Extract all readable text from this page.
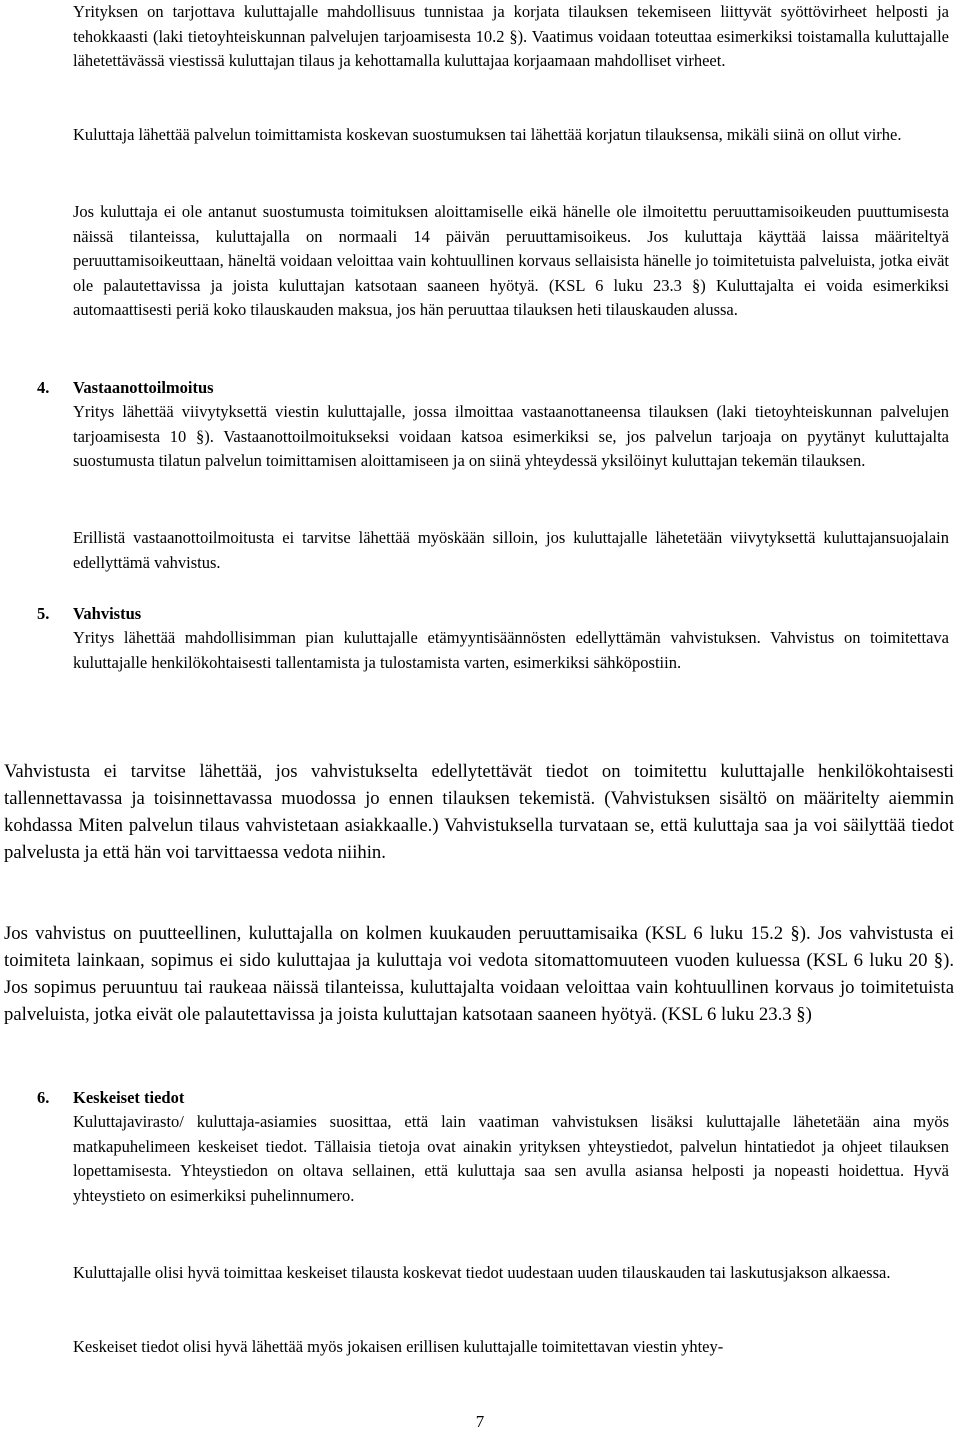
Yrityksen on tarjottava kuluttajalle mahdollisuus tunnistaa ja korjata tilauksen tekemiseen liittyvät syöttövirheet helposti ja tehokkaasti (laki tietoyhteiskunnan palvelujen tarjoamisesta 10.2 §). Vaatimus voidaan toteuttaa esimerkiksi toistamalla kuluttajalle lähetettävässä viestissä kuluttajan tilaus ja kehottamalla kuluttajaa korjaamaan mahdolliset virheet.

Kuluttaja lähettää palvelun toimittamista koskevan suostumuksen tai lähettää korjatun tilauksensa, mikäli siinä on ollut virhe.

Jos kuluttaja ei ole antanut suostumusta toimituksen aloittamiselle eikä hänelle ole ilmoitettu peruuttamisoikeuden puuttumisesta näissä tilanteissa, kuluttajalla on normaali 14 päivän peruuttamisoikeus. Jos kuluttaja käyttää laissa määriteltyä peruuttamisoikeuttaan, häneltä voidaan veloittaa vain kohtuullinen korvaus sellaisista hänelle jo toimitetuista palveluista, jotka eivät ole palautettavissa ja joista kuluttajan katsotaan saaneen hyötyä. (KSL 6 luku 23.3 §) Kuluttajalta ei voida esimerkiksi automaattisesti periä koko tilauskauden maksua, jos hän peruuttaa tilauksen heti tilauskauden alussa.

4. Vastaanottoilmoitus

Yritys lähettää viivytyksettä viestin kuluttajalle, jossa ilmoittaa vastaanottaneensa tilauksen (laki tietoyhteiskunnan palvelujen tarjoamisesta 10 §). Vastaanottoilmoitukseksi voidaan katsoa esimerkiksi se, jos palvelun tarjoaja on pyytänyt kuluttajalta suostumusta tilatun palvelun toimittamisen aloittamiseen ja on siinä yhteydessä yksilöinyt kuluttajan tekemän tilauksen.

Erillistä vastaanottoilmoitusta ei tarvitse lähettää myöskään silloin, jos kuluttajalle lähetetään viivytyksettä kuluttajansuojalain edellyttämä vahvistus.

5. Vahvistus

Yritys lähettää mahdollisimman pian kuluttajalle etämyyntisäännösten edellyttämän vahvistuksen. Vahvistus on toimitettava kuluttajalle henkilökohtaisesti tallentamista ja tulostamista varten, esimerkiksi sähköpostiin.

Vahvistusta ei tarvitse lähettää, jos vahvistukselta edellytettävät tiedot on toimitettu kuluttajalle henkilökohtaisesti tallennettavassa ja toisinnettavassa muodossa jo ennen tilauksen tekemistä. (Vahvistuksen sisältö on määritelty aiemmin kohdassa Miten palvelun tilaus vahvistetaan asiakkaalle.) Vahvistuksella turvataan se, että kuluttaja saa ja voi säilyttää tiedot palvelusta ja että hän voi tarvittaessa vedota niihin.

Jos vahvistus on puutteellinen, kuluttajalla on kolmen kuukauden peruuttamisaika (KSL 6 luku 15.2 §). Jos vahvistusta ei toimiteta lainkaan, sopimus ei sido kuluttajaa ja kuluttaja voi vedota sitomattomuuteen vuoden kuluessa (KSL 6 luku 20 §). Jos sopimus peruuntuu tai raukeaa näissä tilanteissa, kuluttajalta voidaan veloittaa vain kohtuullinen korvaus jo toimitetuista palveluista, jotka eivät ole palautettavissa ja joista kuluttajan katsotaan saaneen hyötyä. (KSL 6 luku 23.3 §)

6. Keskeiset tiedot

Kuluttajavirasto/ kuluttaja-asiamies suosittaa, että lain vaatiman vahvistuksen lisäksi kuluttajalle lähetetään aina myös matkapuhelimeen keskeiset tiedot. Tällaisia tietoja ovat ainakin yrityksen yhteystiedot, palvelun hintatiedot ja ohjeet tilauksen lopettamisesta. Yhteystiedon on oltava sellainen, että kuluttaja saa sen avulla asiansa helposti ja nopeasti hoidettua. Hyvä yhteystieto on esimerkiksi puhelinnumero.

Kuluttajalle olisi hyvä toimittaa keskeiset tilausta koskevat tiedot uudestaan uuden tilauskauden tai laskutusjakson alkaessa.

Keskeiset tiedot olisi hyvä lähettää myös jokaisen erillisen kuluttajalle toimitettavan viestin yhtey-

7
